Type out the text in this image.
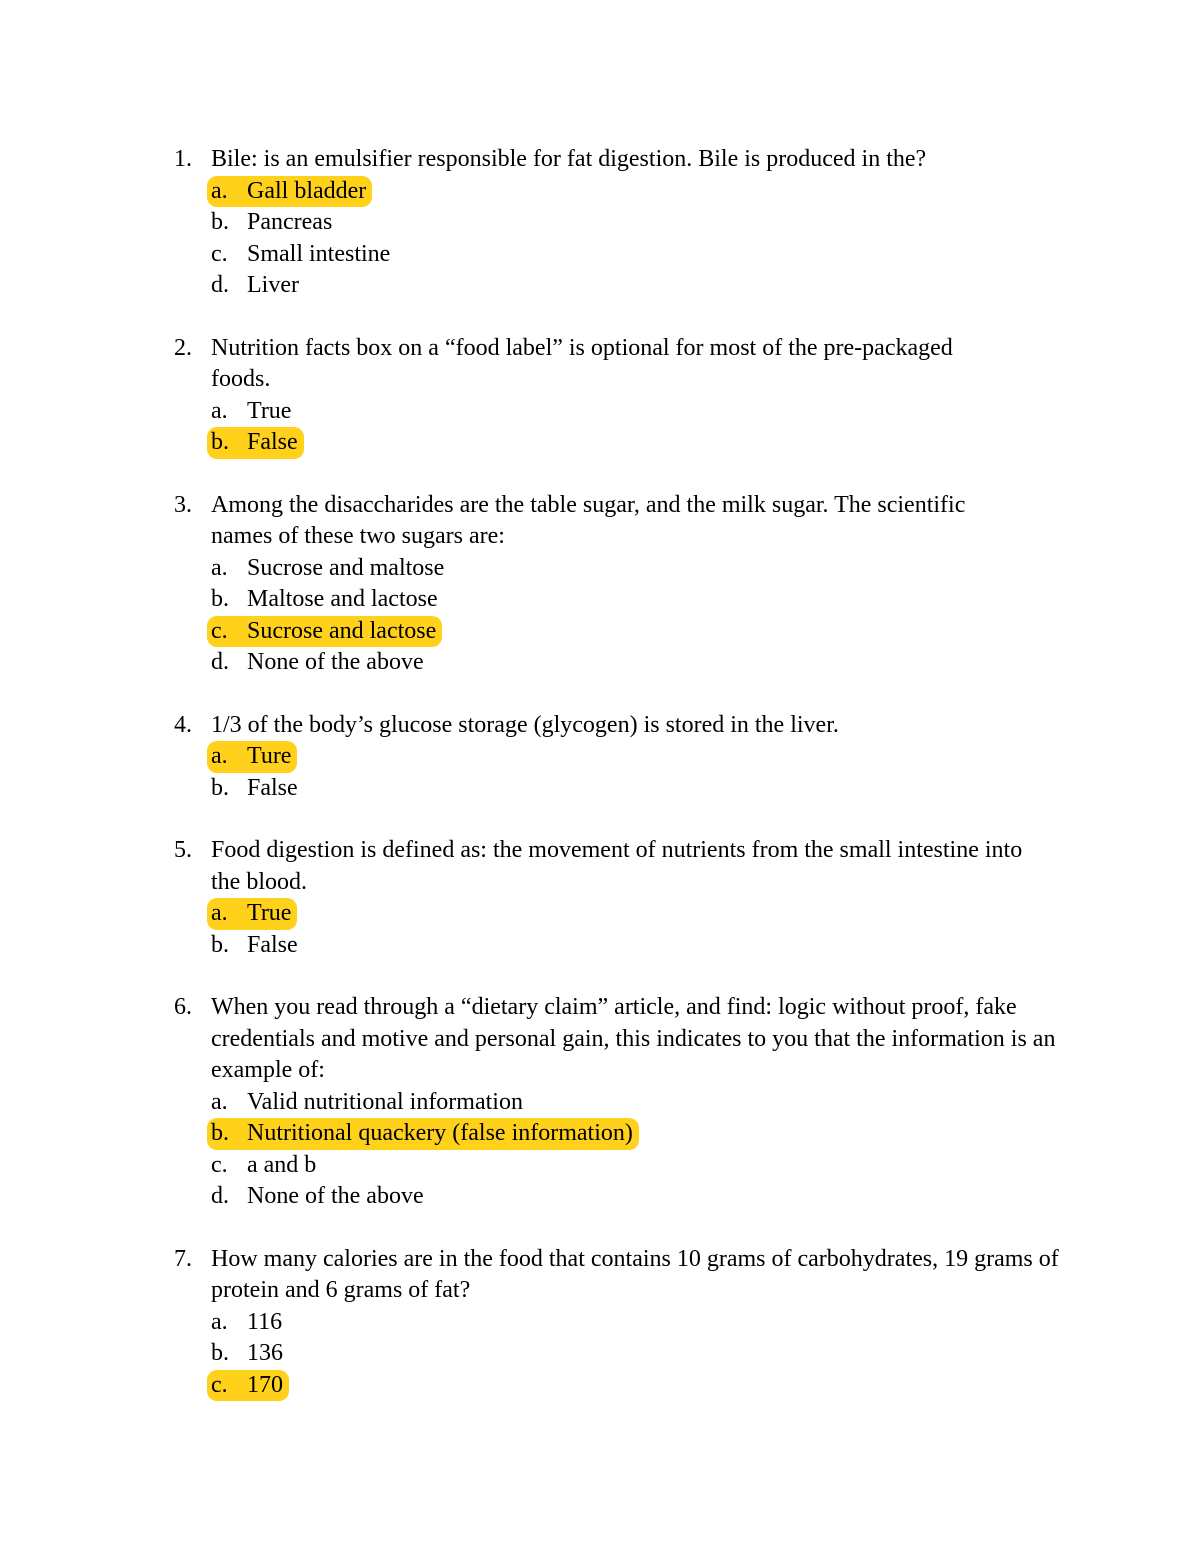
1. Bile: is an emulsifier responsible for fat digestion. Bile is produced in the?
a. Gall bladder
b. Pancreas
c. Small intestine
d. Liver
2. Nutrition facts box on a “food label” is optional for most of the pre-packaged foods.
a. True
b. False
3. Among the disaccharides are the table sugar, and the milk sugar. The scientific names of these two sugars are:
a. Sucrose and maltose
b. Maltose and lactose
c. Sucrose and lactose
d. None of the above
4. 1/3 of the body’s glucose storage (glycogen) is stored in the liver.
a. Ture
b. False
5. Food digestion is defined as: the movement of nutrients from the small intestine into the blood.
a. True
b. False
6. When you read through a “dietary claim” article, and find: logic without proof, fake credentials and motive and personal gain, this indicates to you that the information is an example of:
a. Valid nutritional information
b. Nutritional quackery (false information)
c. a and b
d. None of the above
7. How many calories are in the food that contains 10 grams of carbohydrates, 19 grams of protein and 6 grams of fat?
a. 116
b. 136
c. 170
